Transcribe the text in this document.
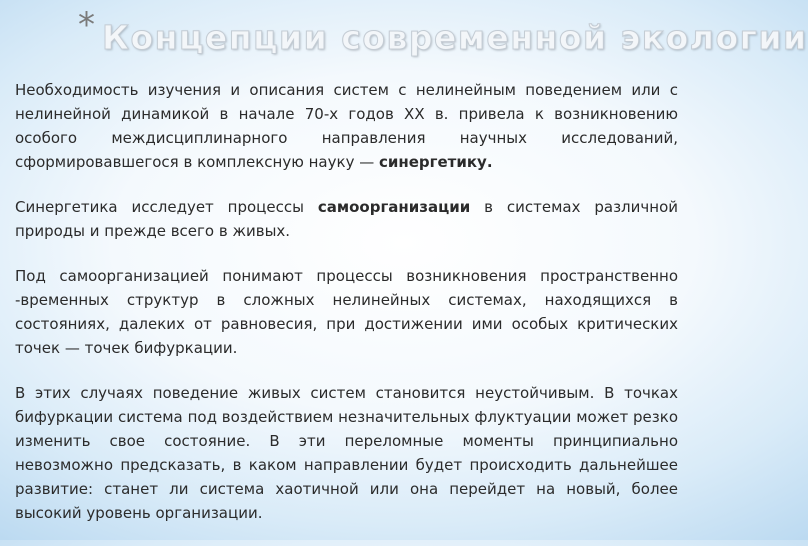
* Концепции современной экологии

Необходимость изучения и описания систем с нелинейным поведением или с нелинейной динамикой в начале 70-х годов XX в. привела к возникновению особого междисциплинарного направления научных исследований, сформировавшегося в комплексную науку — синергетику.

Синергетика исследует процессы самоорганизации в системах различной природы и прежде всего в живых.

Под самоорганизацией понимают процессы возникновения пространственно -временных структур в сложных нелинейных системах, находящихся в состояниях, далеких от равновесия, при достижении ими особых критических точек — точек бифуркации.

В этих случаях поведение живых систем становится неустойчивым. В точках бифуркации система под воздействием незначительных флуктуации может резко изменить свое состояние. В эти переломные моменты принципиально невозможно предсказать, в каком направлении будет происходить дальнейшее развитие: станет ли система хаотичной или она перейдет на новый, более высокий уровень организации.
